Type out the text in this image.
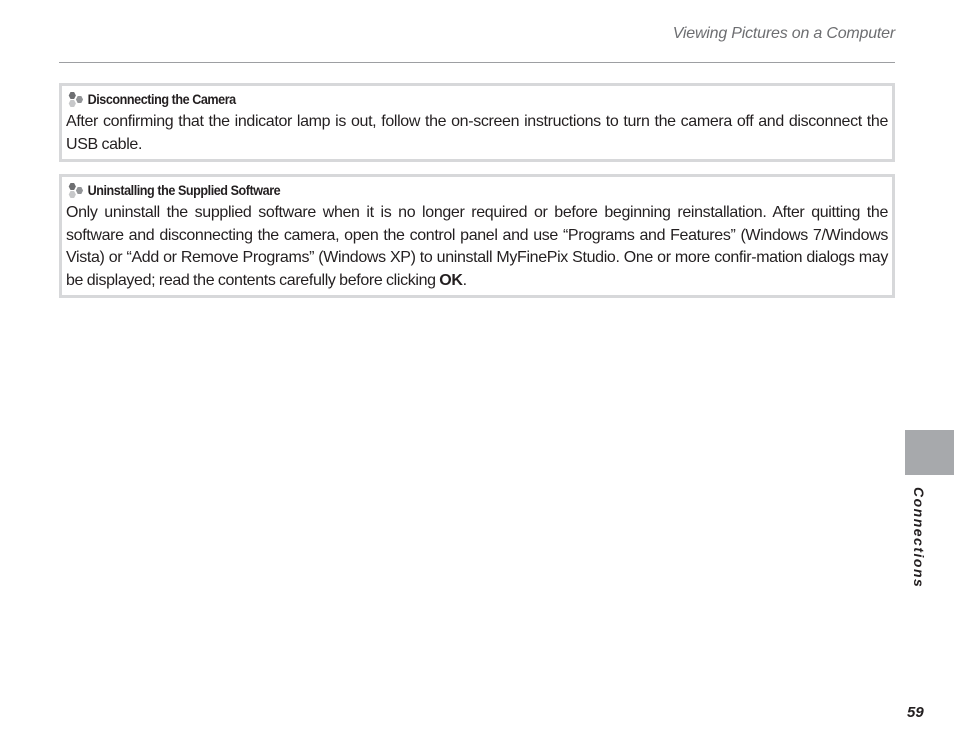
Viewing Pictures on a Computer
Disconnecting the Camera
After confirming that the indicator lamp is out, follow the on-screen instructions to turn the camera off and disconnect the USB cable.
Uninstalling the Supplied Software
Only uninstall the supplied software when it is no longer required or before beginning reinstallation. After quitting the software and disconnecting the camera, open the control panel and use “Programs and Features” (Windows 7/Windows Vista) or “Add or Remove Programs” (Windows XP) to uninstall MyFinePix Studio. One or more confir-mation dialogs may be displayed; read the contents carefully before clicking OK.
Connections
59
